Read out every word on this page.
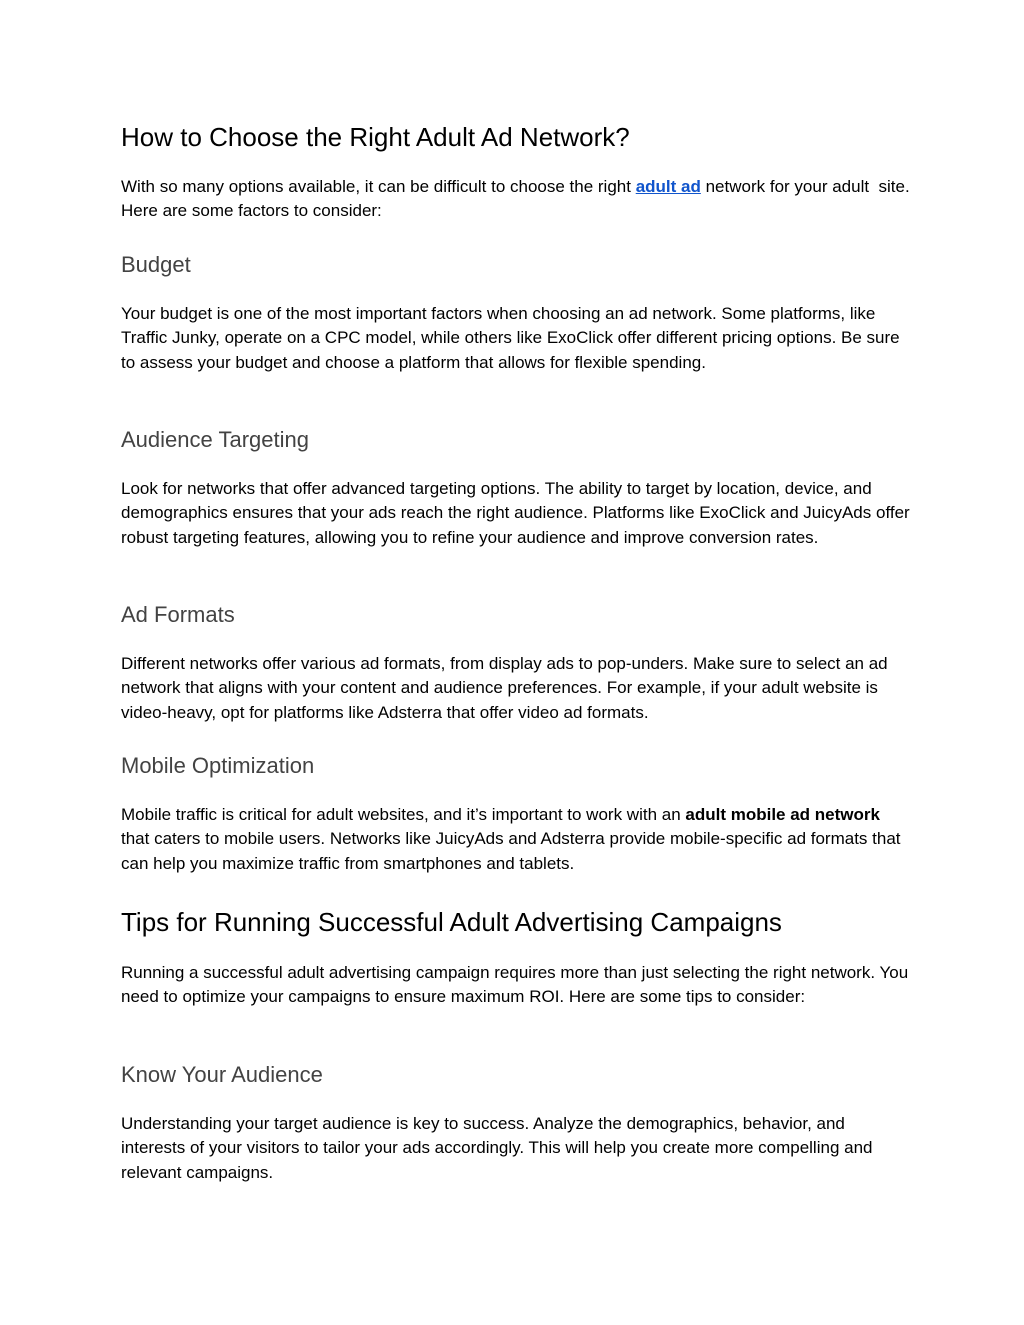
How to Choose the Right Adult Ad Network?

With so many options available, it can be difficult to choose the right adult ad network for your adult  site. Here are some factors to consider:

Budget

Your budget is one of the most important factors when choosing an ad network. Some platforms, like Traffic Junky, operate on a CPC model, while others like ExoClick offer different pricing options. Be sure to assess your budget and choose a platform that allows for flexible spending.

Audience Targeting

Look for networks that offer advanced targeting options. The ability to target by location, device, and demographics ensures that your ads reach the right audience. Platforms like ExoClick and JuicyAds offer robust targeting features, allowing you to refine your audience and improve conversion rates.

Ad Formats

Different networks offer various ad formats, from display ads to pop-unders. Make sure to select an ad network that aligns with your content and audience preferences. For example, if your adult website is video-heavy, opt for platforms like Adsterra that offer video ad formats.

Mobile Optimization

Mobile traffic is critical for adult websites, and it’s important to work with an adult mobile ad network that caters to mobile users. Networks like JuicyAds and Adsterra provide mobile-specific ad formats that can help you maximize traffic from smartphones and tablets.

Tips for Running Successful Adult Advertising Campaigns

Running a successful adult advertising campaign requires more than just selecting the right network. You need to optimize your campaigns to ensure maximum ROI. Here are some tips to consider:

Know Your Audience

Understanding your target audience is key to success. Analyze the demographics, behavior, and interests of your visitors to tailor your ads accordingly. This will help you create more compelling and relevant campaigns.
